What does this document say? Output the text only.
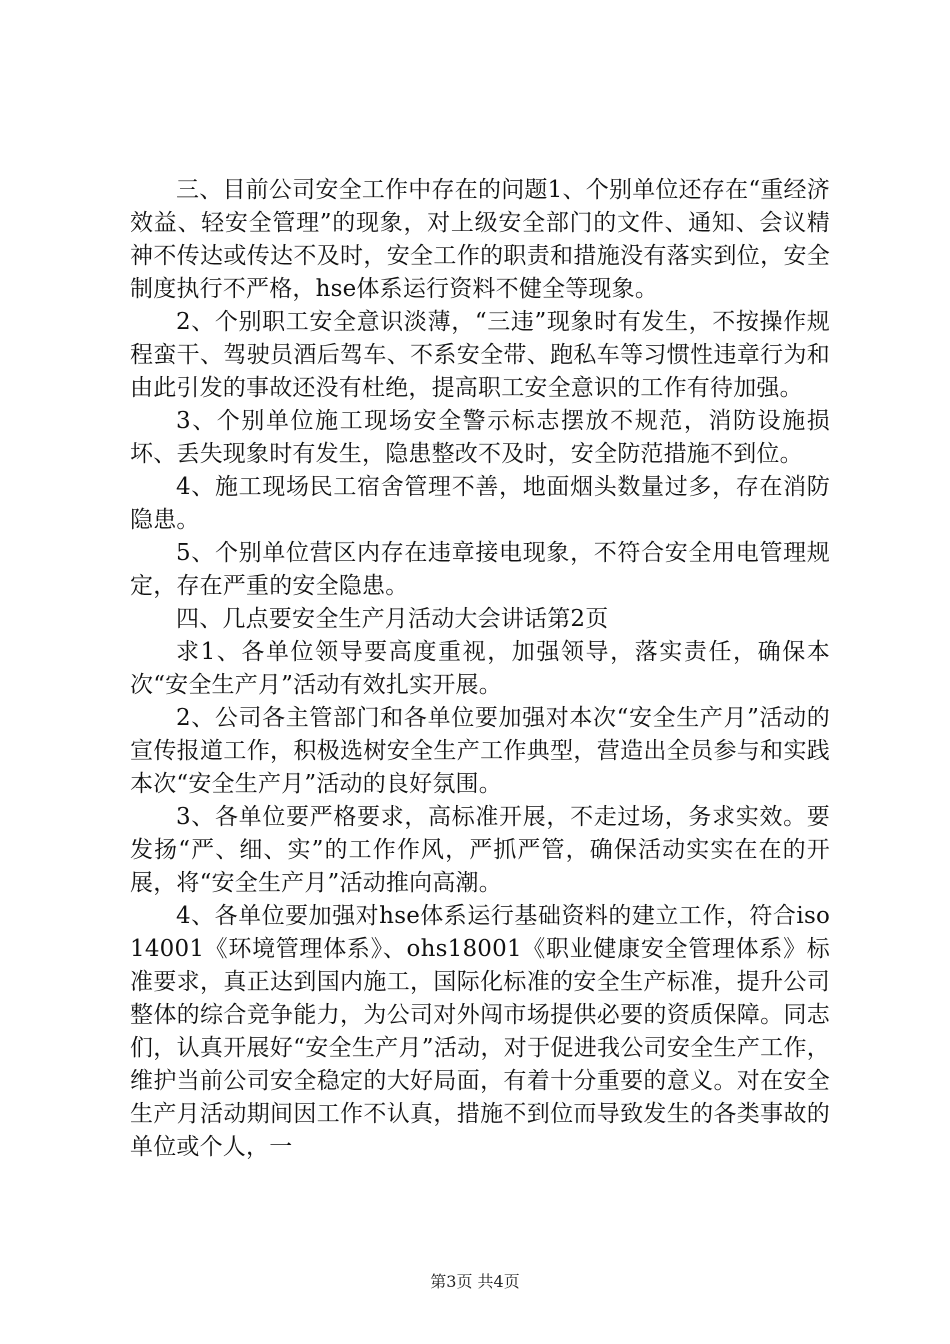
三、目前公司安全工作中存在的问题1、个别单位还存在“重经济效益、轻安全管理”的现象，对上级安全部门的文件、通知、会议精神不传达或传达不及时，安全工作的职责和措施没有落实到位，安全制度执行不严格，hse体系运行资料不健全等现象。

2、个别职工安全意识淡薄，“三违”现象时有发生，不按操作规程蛮干、驾驶员酒后驾车、不系安全带、跑私车等习惯性违章行为和由此引发的事故还没有杜绝，提高职工安全意识的工作有待加强。

3、个别单位施工现场安全警示标志摆放不规范，消防设施损坏、丢失现象时有发生，隐患整改不及时，安全防范措施不到位。

4、施工现场民工宿舍管理不善，地面烟头数量过多，存在消防隐患。

5、个别单位营区内存在违章接电现象，不符合安全用电管理规定，存在严重的安全隐患。

四、几点要安全生产月活动大会讲话第2页

求1、各单位领导要高度重视，加强领导，落实责任，确保本次“安全生产月”活动有效扎实开展。

2、公司各主管部门和各单位要加强对本次“安全生产月”活动的宣传报道工作，积极选树安全生产工作典型，营造出全员参与和实践本次“安全生产月”活动的良好氛围。

3、各单位要严格要求，高标准开展，不走过场，务求实效。要发扬“严、细、实”的工作作风，严抓严管，确保活动实实在在的开展，将“安全生产月”活动推向高潮。

4、各单位要加强对hse体系运行基础资料的建立工作，符合iso14001《环境管理体系》、ohs18001《职业健康安全管理体系》标准要求，真正达到国内施工，国际化标准的安全生产标准，提升公司整体的综合竞争能力，为公司对外闯市场提供必要的资质保障。同志们，认真开展好“安全生产月”活动，对于促进我公司安全生产工作，维护当前公司安全稳定的大好局面，有着十分重要的意义。对在安全生产月活动期间因工作不认真，措施不到位而导致发生的各类事故的单位或个人，一

第3页 共4页
